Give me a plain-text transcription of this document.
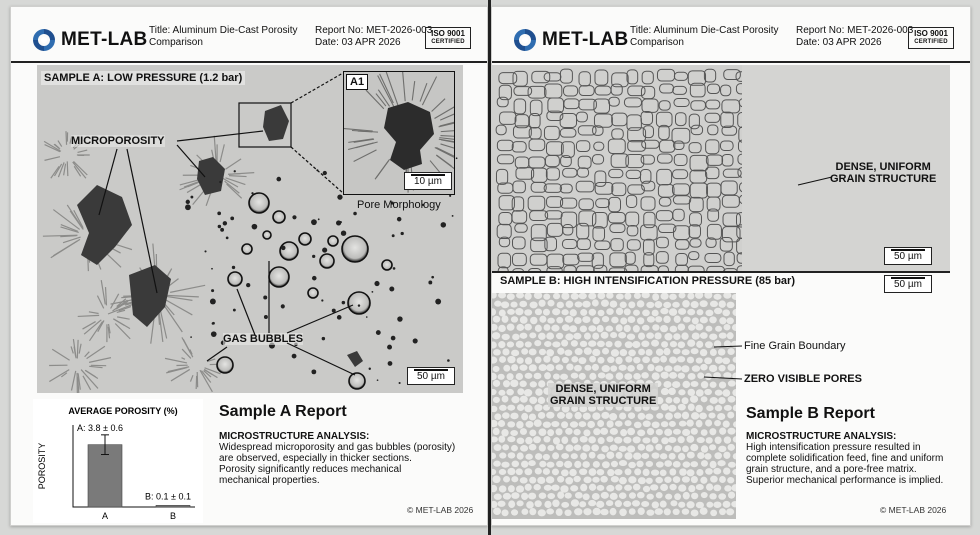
MET-LAB Title: Aluminum Die-Cast Porosity
Comparison
Report No: MET-2026-003
Date: 03 APR 2026
ISO 9001
CERTIFIED
SAMPLE A: LOW PRESSURE (1.2 bar)
MICROPOROSITY
GAS BUBBLES
A1
10 µm
Pore Morphology
50 µm
AVERAGE POROSITY (%)
POROSITY
A: 3.8 ± 0.6
A
B: 0.1 ± 0.1
B
Sample A Report
MICROSTRUCTURE ANALYSIS:
Widespread microporosity and gas bubbles (porosity)
are observed, especially in thicker sections.
Porosity significantly reduces mechanical
mechanical properties.
© MET-LAB 2026
MET-LAB Title: Aluminum Die-Cast Porosity
Comparison
Report No: MET-2026-003
Date: 03 APR 2026
ISO 9001
CERTIFIED
DENSE, UNIFORM
GRAIN STRUCTURE
50 µm
SAMPLE B: HIGH INTENSIFICATION PRESSURE (85 bar)	50 µm
DENSE, UNIFORM
GRAIN STRUCTURE
Fine Grain Boundary
ZERO VISIBLE PORES
Sample B Report
MICROSTRUCTURE ANALYSIS:
High intensification pressure resulted in
complete solidification feed, fine and uniform
grain structure, and a pore-free matrix.
Superior mechanical performance is implied.
© MET-LAB 2026
